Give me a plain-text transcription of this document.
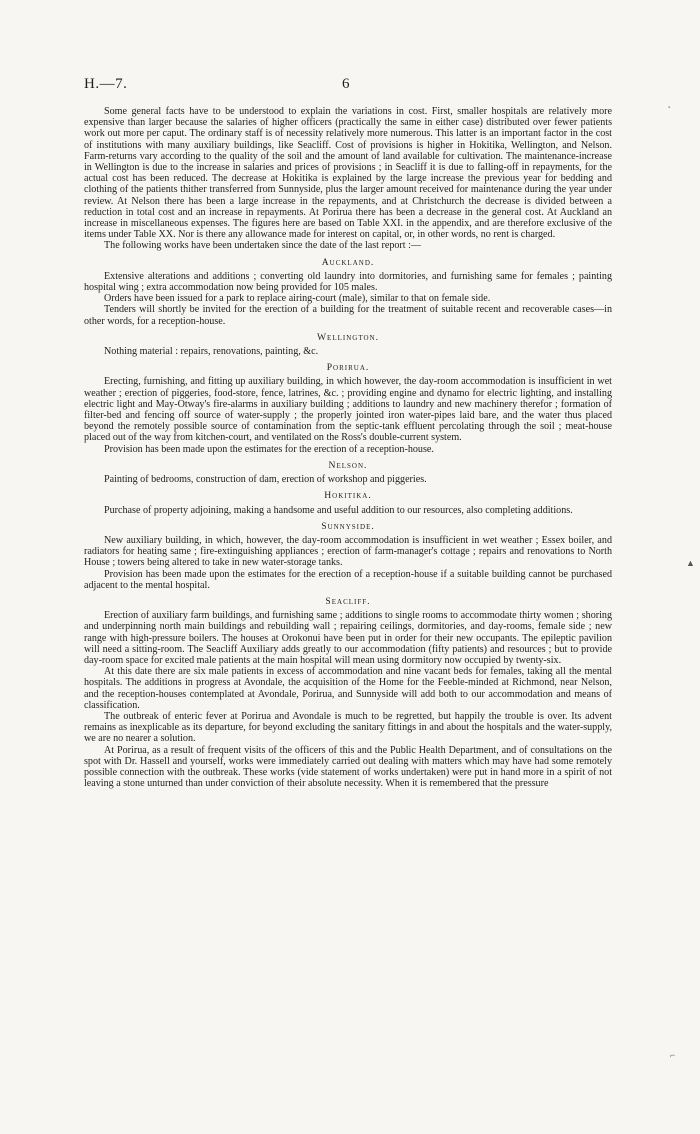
H.—7.	6
˛
▲
⌐

Some general facts have to be understood to explain the variations in cost. First, smaller hospitals are relatively more expensive than larger because the salaries of higher officers (practically the same in either case) distributed over fewer patients work out more per caput. The ordinary staff is of necessity relatively more numerous. This latter is an important factor in the cost of institutions with many auxiliary buildings, like Seacliff. Cost of provisions is higher in Hokitika, Wellington, and Nelson. Farm-returns vary according to the quality of the soil and the amount of land available for cultivation. The maintenance-increase in Wellington is due to the increase in salaries and prices of provisions ; in Seacliff it is due to falling-off in repayments, for the actual cost has been reduced. The decrease at Hokitika is explained by the large increase the previous year for bedding and clothing of the patients thither transferred from Sunnyside, plus the larger amount received for maintenance during the year under review. At Nelson there has been a large increase in the repayments, and at Christchurch the decrease is divided between a reduction in total cost and an increase in repayments. At Porirua there has been a decrease in the general cost. At Auckland an increase in miscellaneous expenses. The figures here are based on Table XXI. in the appendix, and are therefore exclusive of the items under Table XX. Nor is there any allowance made for interest on capital, or, in other words, no rent is charged.

The following works have been undertaken since the date of the last report :—

Auckland.

Extensive alterations and additions ; converting old laundry into dormitories, and furnishing same for females ; painting hospital wing ; extra accommodation now being provided for 105 males.

Orders have been issued for a park to replace airing-court (male), similar to that on female side.

Tenders will shortly be invited for the erection of a building for the treatment of suitable recent and recoverable cases—in other words, for a reception-house.

Wellington.

Nothing material : repairs, renovations, painting, &c.

Porirua.

Erecting, furnishing, and fitting up auxiliary building, in which however, the day-room accommodation is insufficient in wet weather ; erection of piggeries, food-store, fence, latrines, &c. ; providing engine and dynamo for electric lighting, and installing electric light and May-Otway's fire-alarms in auxiliary building ; additions to laundry and new machinery therefor ; formation of filter-bed and fencing off source of water-supply ; the properly jointed iron water-pipes laid bare, and the water thus placed beyond the remotely possible source of contamination from the septic-tank effluent percolating through the soil ; meat-house placed out of the way from kitchen-court, and ventilated on the Ross's double-current system.

Provision has been made upon the estimates for the erection of a reception-house.

Nelson.

Painting of bedrooms, construction of dam, erection of workshop and piggeries.

Hokitika.

Purchase of property adjoining, making a handsome and useful addition to our resources, also completing additions.

Sunnyside.

New auxiliary building, in which, however, the day-room accommodation is insufficient in wet weather ; Essex boiler, and radiators for heating same ; fire-extinguishing appliances ; erection of farm-manager's cottage ; repairs and renovations to North House ; towers being altered to take in new water-storage tanks.

Provision has been made upon the estimates for the erection of a reception-house if a suitable building cannot be purchased adjacent to the mental hospital.

Seacliff.

Erection of auxiliary farm buildings, and furnishing same ; additions to single rooms to accommodate thirty women ; shoring and underpinning north main buildings and rebuilding wall ; repairing ceilings, dormitories, and day-rooms, female side ; new range with high-pressure boilers. The houses at Orokonui have been put in order for their new occupants. The epileptic pavilion will need a sitting-room. The Seacliff Auxiliary adds greatly to our accommodation (fifty patients) and resources ; but to provide day-room space for excited male patients at the main hospital will mean using dormitory now occupied by twenty-six.

At this date there are six male patients in excess of accommodation and nine vacant beds for females, taking all the mental hospitals. The additions in progress at Avondale, the acquisition of the Home for the Feeble-minded at Richmond, near Nelson, and the reception-houses contemplated at Avondale, Porirua, and Sunnyside will add both to our accommodation and means of classification.

The outbreak of enteric fever at Porirua and Avondale is much to be regretted, but happily the trouble is over. Its advent remains as inexplicable as its departure, for beyond excluding the sanitary fittings in and about the hospitals and the water-supply, we are no nearer a solution.

At Porirua, as a result of frequent visits of the officers of this and the Public Health Department, and of consultations on the spot with Dr. Hassell and yourself, works were immediately carried out dealing with matters which may have had some remotely possible connection with the outbreak. These works (vide statement of works undertaken) were put in hand more in a spirit of not leaving a stone unturned than under conviction of their absolute necessity. When it is remembered that the pressure
